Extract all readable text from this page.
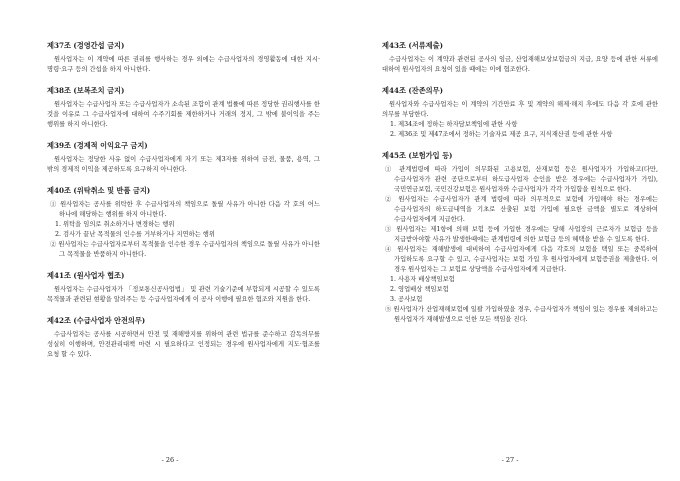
제37조 (경영간섭 금지)

원사업자는 이 계약에 따른 권리를 행사하는 경우 외에는 수급사업자의 경영활동에 대한 지시·명령·요구 등의 간섭을 하지 아니한다.

제38조 (보복조치 금지)

원사업자는 수급사업자 또는 수급사업자가 소속된 조합이 관계 법률에 따른 정당한 권리행사를 한 것을 이유로 그 수급사업자에 대하여 수주기회를 제한하거나 거래의 정지, 그 밖에 불이익을 주는 행위를 하지 아니한다.

제39조 (경제적 이익요구 금지)

원사업자는 정당한 사유 없이 수급사업자에게 자기 또는 제3자를 위하여 금전, 물품, 용역, 그 밖의 경제적 이익을 제공하도록 요구하지 아니한다.

제40조 (위탁취소 및 반품 금지)
① 원사업자는 공사를 위탁한 후 수급사업자의 책임으로 돌릴 사유가 아니한 다음 각 호의 어느 하나에 해당하는 행위를 하지 아니한다.
1. 위탁을 임의로 취소하거나 변경하는 행위
2. 검사가 끝난 목적물의 인수를 거부하거나 지연하는 행위
② 원사업자는 수급사업자로부터 목적물을 인수한 경우 수급사업자의 책임으로 돌릴 사유가 아니한 그 목적물을 반품하지 아니한다.
제41조 (원사업자 협조)

원사업자는 수급사업자가 「정보통신공사업법」 및 관련 기술기준에 부합되게 시공할 수 있도록 목적물과 관련된 현황을 알려주는 등 수급사업자에게 이 공사 이행에 필요한 협조와 지원을 한다.

제42조 (수급사업자 안전의무)

수급사업자는 공사를 시공하면서 안전 및 재해방지를 위하여 관련 법규를 준수하고 감독의무를 성실히 이행하며, 안전관리대책 마련 시 필요하다고 인정되는 경우에 원사업자에게 지도·협조를 요청 할 수 있다.

- 26 -
제43조 (서류제출)

수급사업자는 이 계약과 관련된 공사의 임금, 산업재해보상보험금의 지급, 요양 등에 관한 서류에 대하여 원사업자의 요청이 있을 때에는 이에 협조한다.

제44조 (잔존의무)

원사업자와 수급사업자는 이 계약의 기간만료 후 및 계약의 해제·해지 후에도 다음 각 호에 관한 의무를 부담한다.

1. 제34조에 정하는 하자담보책임에 관한 사항
2. 제36조 및 제47조에서 정하는 기술자료 제공 요구, 지식재산권 등에 관한 사항
제45조 (보험가입 등)
① 관계법령에 따라 가입이 의무화된 고용보험, 산재보험 등은 원사업자가 가입하고(다만, 수급사업자가 관련 공단으로부터 하도급사업자 승인을 받은 경우에는 수급사업자가 가입), 국민연금보험, 국민건강보험은 원사업자와 수급사업자가 각각 가입함을 원칙으로 한다.
② 원사업자는 수급사업자가 관계 법령에 따라 의무적으로 보험에 가입해야 하는 경우에는 수급사업자의 하도급내역을 기초로 산출된 보험 가입에 필요한 금액을 별도로 계상하여 수급사업자에게 지급한다.
③ 원사업자는 제1항에 의해 보험 등에 가입한 경우에는 당해 사업장의 근로자가 보험급 등을 지급받아야할 사유가 발생한때에는 관계법령에 의한 보험급 등의 혜택을 받을 수 있도록 한다.
④ 원사업자는 재해발생에 대비하여 수급사업자에게 다음 각호의 보험을 택일 또는 중복하여 가입하도록 요구할 수 있고, 수급사업자는 보험 가입 후 원사업자에게 보험증권을 제출한다. 이 경우 원사업자는 그 보험료 상당액을 수급사업자에게 지급한다.
1. 사용자 배상책임보험
2. 영업배상 책임보험
3. 공사보험
⑤ 원사업자가 산업재해보험에 일괄 가입하였을 경우, 수급사업자가 책임이 있는 경우를 제외하고는 원사업자가 재해발생으로 인한 모든 책임을 진다.
- 27 -
